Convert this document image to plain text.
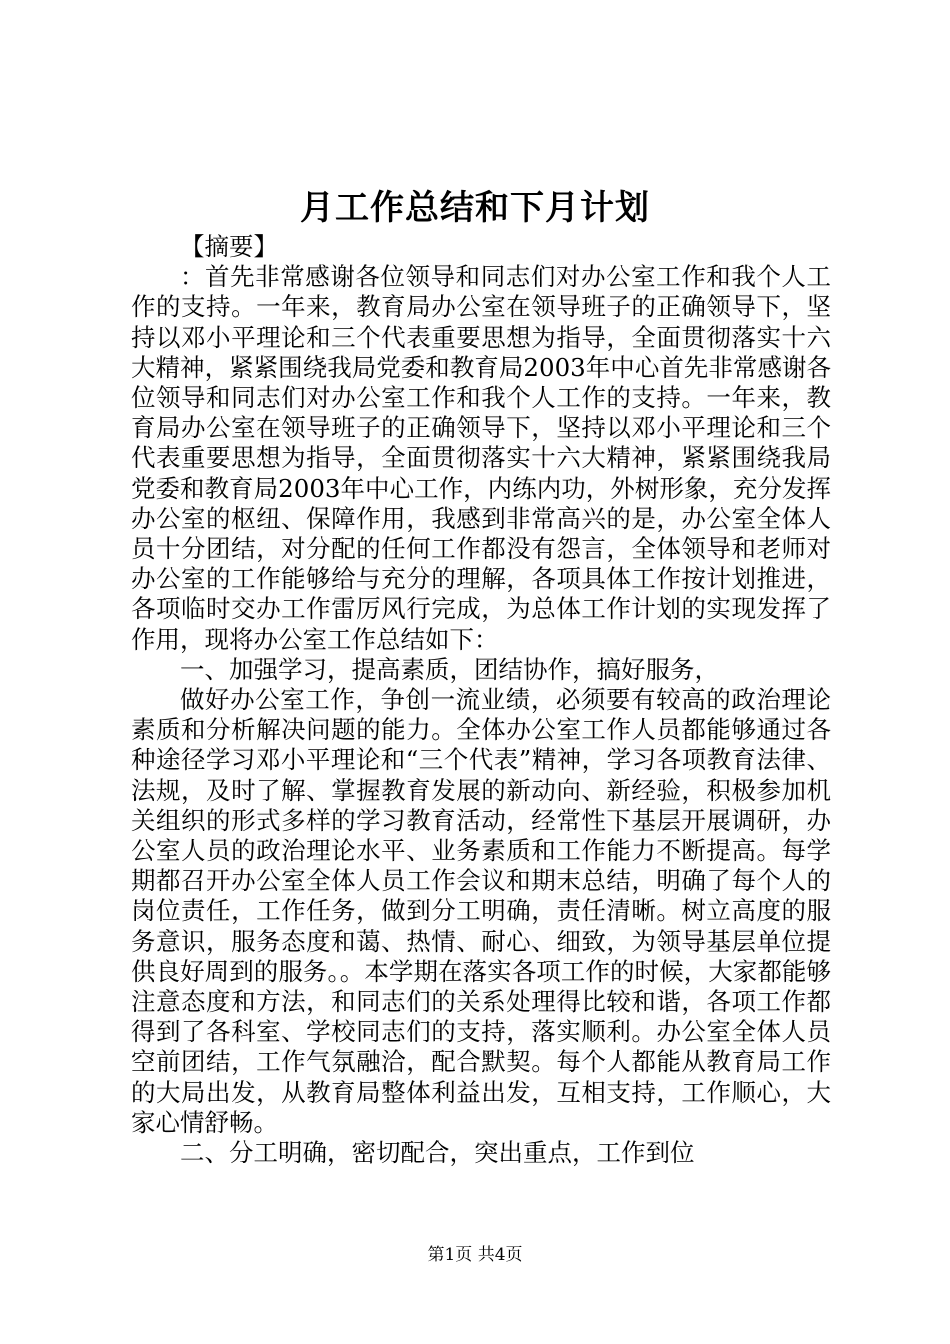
月工作总结和下月计划

【摘要】

：首先非常感谢各位领导和同志们对办公室工作和我个人工作的支持。一年来，教育局办公室在领导班子的正确领导下，坚持以邓小平理论和三个代表重要思想为指导，全面贯彻落实十六大精神，紧紧围绕我局党委和教育局2003年中心首先非常感谢各位领导和同志们对办公室工作和我个人工作的支持。一年来，教育局办公室在领导班子的正确领导下，坚持以邓小平理论和三个代表重要思想为指导，全面贯彻落实十六大精神，紧紧围绕我局党委和教育局2003年中心工作，内练内功，外树形象，充分发挥办公室的枢纽、保障作用，我感到非常高兴的是，办公室全体人员十分团结，对分配的任何工作都没有怨言，全体领导和老师对办公室的工作能够给与充分的理解，各项具体工作按计划推进，各项临时交办工作雷厉风行完成，为总体工作计划的实现发挥了作用，现将办公室工作总结如下：

一、加强学习，提高素质，团结协作，搞好服务，

做好办公室工作，争创一流业绩，必须要有较高的政治理论素质和分析解决问题的能力。全体办公室工作人员都能够通过各种途径学习邓小平理论和“三个代表”精神，学习各项教育法律、法规，及时了解、掌握教育发展的新动向、新经验，积极参加机关组织的形式多样的学习教育活动，经常性下基层开展调研，办公室人员的政治理论水平、业务素质和工作能力不断提高。每学期都召开办公室全体人员工作会议和期末总结，明确了每个人的岗位责任，工作任务，做到分工明确，责任清晰。树立高度的服务意识，服务态度和蔼、热情、耐心、细致，为领导基层单位提供良好周到的服务。。本学期在落实各项工作的时候，大家都能够注意态度和方法，和同志们的关系处理得比较和谐，各项工作都得到了各科室、学校同志们的支持，落实顺利。办公室全体人员空前团结，工作气氛融洽，配合默契。每个人都能从教育局工作的大局出发，从教育局整体利益出发，互相支持，工作顺心，大家心情舒畅。

二、分工明确，密切配合，突出重点，工作到位

第1页 共4页
